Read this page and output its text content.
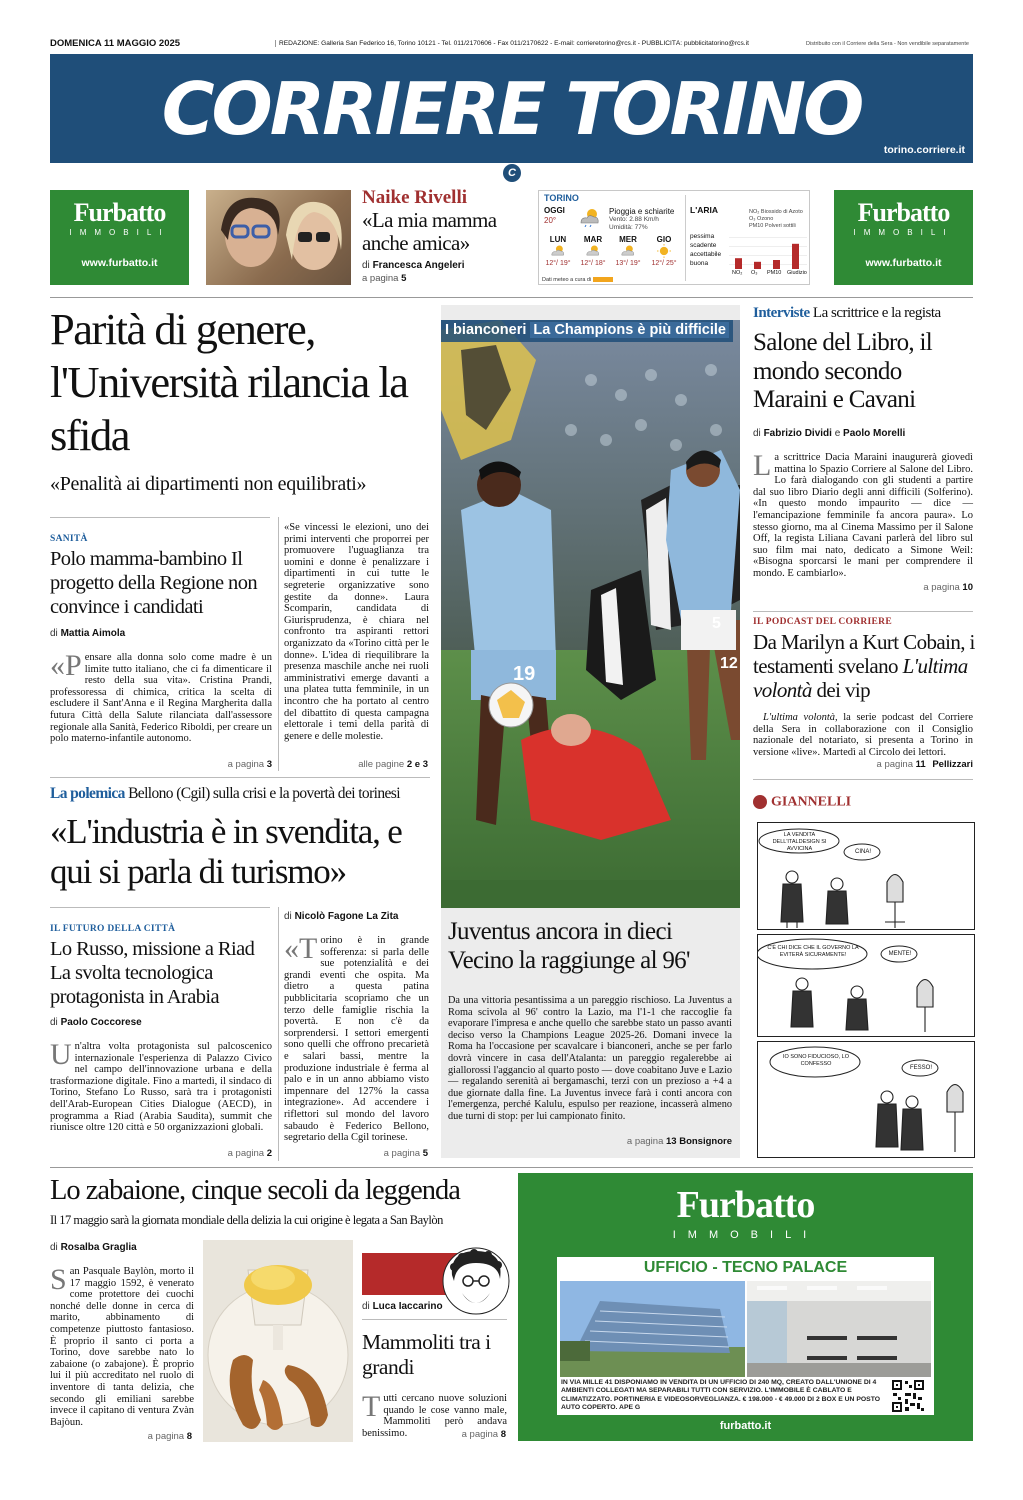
DOMENICA 11 MAGGIO 2025	REDAZIONE: Galleria San Federico 16, Torino 10121 - Tel. 011/2170606 - Fax 011/2170622 - E-mail: corrieretorino@rcs.it - PUBBLICITÀ: pubblicitatorino@rcs.it	Distribuito con il Corriere della Sera - Non vendibile separatamente
CORRIERE TORINO	torino.corriere.it
C
Furbatto
IMMOBILI
www.furbatto.it
Naike Rivelli
«La mia mamma anche amica»
di Francesca Angeleri
a pagina 5
TORINO
OGGI
20°
Pioggia e schiarite
Vento: 2.88 Km/h
Umidità: 77%
LUN
12°/ 19°
MAR
12°/ 18°
MER
13°/ 19°
GIO
12°/ 25°
Dati meteo a cura di
L'ARIA	NO₂ Biossido di Azoto
O₃ Ozono
PM10 Polveri sottili
pessima
scadente
accettabile
buona
NO₂ O₃ PM10 Giudizio
Furbatto
IMMOBILI
www.furbatto.it
Parità di genere, l'Università rilancia la sfida
«Penalità ai dipartimenti non equilibrati»
SANITÀ
Polo mamma-bambino Il progetto della Regione non convince i candidati
di Mattia Aimola
«Pensare alla donna solo come madre è un limite tutto italiano, che ci fa dimenticare il resto della sua vita». Cristina Prandi, professoressa di chimica, critica la scelta di escludere il Sant'Anna e il Regina Margherita dalla futura Città della Salute rilanciata dall'assessore regionale alla Sanità, Federico Riboldi, per creare un polo materno-infantile autonomo.
a pagina 3
«Se vincessi le elezioni, uno dei primi interventi che proporrei per promuovere l'uguaglianza tra uomini e donne è penalizzare i dipartimenti in cui tutte le segreterie organizzative sono gestite da donne». Laura Scomparin, candidata di Giurisprudenza, è chiara nel confronto tra aspiranti rettori organizzato da «Torino città per le donne». L'idea di riequilibrare la presenza maschile anche nei ruoli amministrativi emerge davanti a una platea tutta femminile, in un incontro che ha portato al centro del dibattito di questa campagna elettorale i temi della parità di genere e delle molestie.
alle pagine 2 e 3
La polemica Bellono (Cgil) sulla crisi e la povertà dei torinesi
«L'industria è in svendita, e qui si parla di turismo»
IL FUTURO DELLA CITTÀ
Lo Russo, missione a Riad La svolta tecnologica protagonista in Arabia
di Paolo Coccorese
Un'altra volta protagonista sul palcoscenico internazionale l'esperienza di Palazzo Civico nel campo dell'innovazione urbana e della trasformazione digitale. Fino a martedì, il sindaco di Torino, Stefano Lo Russo, sarà tra i protagonisti dell'Arab-European Cities Dialogue (AECD), in programma a Riad (Arabia Saudita), summit che riunisce oltre 120 città e 50 organizzazioni globali.
a pagina 2
di Nicolò Fagone La Zita
«Torino è in grande sofferenza: si parla delle sue potenzialità e dei grandi eventi che ospita. Ma dietro a questa patina pubblicitaria scopriamo che un terzo delle famiglie rischia la povertà. E non c'è da sorprendersi. I settori emergenti sono quelli che offrono precarietà e salari bassi, mentre la produzione industriale è ferma al palo e in un anno abbiamo visto impennare del 127% la cassa integrazione». Ad accendere i riflettori sul mondo del lavoro sabaudo è Federico Bellono, segretario della Cgil torinese.
a pagina 5
19
5
12
I bianconeri La Champions è più difficile
Juventus ancora in dieci Vecino la raggiunge al 96'
Da una vittoria pesantissima a un pareggio rischioso. La Juventus a Roma scivola al 96' contro la Lazio, ma l'1-1 che raccoglie fa evaporare l'impresa e anche quello che sarebbe stato un passo avanti deciso verso la Champions League 2025-26. Domani invece la Roma ha l'occasione per scavalcare i bianconeri, anche se per farlo dovrà vincere in casa dell'Atalanta: un pareggio regalerebbe ai giallorossi l'aggancio al quarto posto — dove coabitano Juve e Lazio — regalando serenità ai bergamaschi, terzi con un prezioso a +4 a due giornate dalla fine. La Juventus invece farà i conti ancora con l'emergenza, perché Kalulu, espulso per reazione, incasserà almeno due turni di stop: per lui campionato finito.
a pagina 13 Bonsignore
Interviste La scrittrice e la regista
Salone del Libro, il mondo secondo Maraini e Cavani
di Fabrizio Dividi e Paolo Morelli
La scrittrice Dacia Maraini inaugurerà giovedì mattina lo Spazio Corriere al Salone del Libro. Lo farà dialogando con gli studenti a partire dal suo libro Diario degli anni difficili (Solferino). «In questo mondo impaurito — dice — l'emancipazione femminile fa ancora paura». Lo stesso giorno, ma al Cinema Massimo per il Salone Off, la regista Liliana Cavani parlerà del libro sul suo film mai nato, dedicato a Simone Weil: «Bisogna sporcarsi le mani per comprendere il mondo. E cambiarlo».
a pagina 10
IL PODCAST DEL CORRIERE
Da Marilyn a Kurt Cobain, i testamenti svelano L'ultima volontà dei vip
L'ultima volontà, la serie podcast del Corriere della Sera in collaborazione con il Consiglio nazionale del notariato, si presenta a Torino in versione «live». Martedì al Circolo dei lettori.
a pagina 11 Pellizzari
GIANNELLI
LA VENDITA DELL'ITALDESIGN SI AVVICINA	CINA!
C'È CHI DICE CHE IL GOVERNO LA EVITERÀ SICURAMENTE!	MENTE!
IO SONO FIDUCIOSO, LO CONFESSO
FESSO!
Lo zabaione, cinque secoli da leggenda
Il 17 maggio sarà la giornata mondiale della delizia la cui origine è legata a San Baylòn
di Rosalba Graglia
San Pasquale Baylòn, morto il 17 maggio 1592, è venerato come protettore dei cuochi nonché delle donne in cerca di marito, abbinamento di competenze piuttosto fantasioso. È proprio il santo ci porta a Torino, dove sarebbe nato lo zabaione (o zabajone). È proprio lui il più accreditato nel ruolo di inventore di tanta delizia, che secondo gli emiliani sarebbe invece il capitano di ventura Zvàn Bajòun.
a pagina 8
di Luca Iaccarino
Mammoliti tra i grandi
Tutti cercano nuove soluzioni quando le cose vanno male, Mammoliti però andava benissimo.	a pagina 8
Furbatto
IMMOBILI
UFFICIO - TECNO PALACE
IN VIA MILLE 41 DISPONIAMO IN VENDITA DI UN UFFICIO DI 240 MQ, CREATO DALL'UNIONE DI 4 AMBIENTI COLLEGATI MA SEPARABILI TUTTI CON SERVIZIO. L'IMMOBILE È CABLATO E CLIMATIZZATO. PORTINERIA E VIDEOSORVEGLIANZA. € 198.000 - € 49.000 DI 2 BOX E UN POSTO AUTO COPERTO. APE G
furbatto.it
